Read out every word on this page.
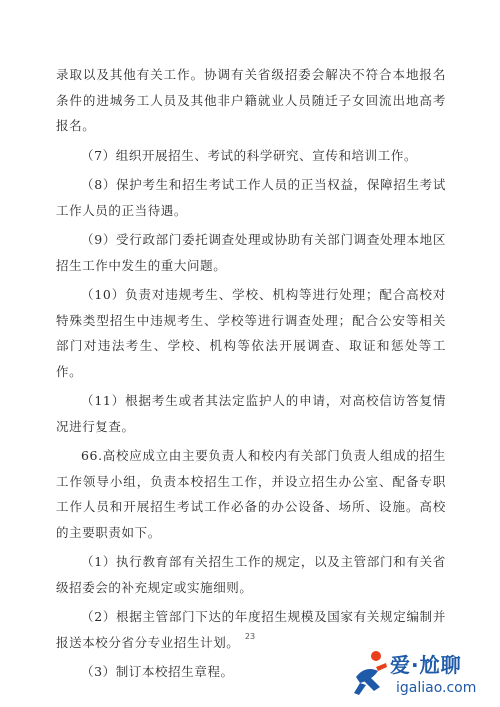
录取以及其他有关工作。协调有关省级招委会解决不符合本地报名条件的进城务工人员及其他非户籍就业人员随迁子女回流出地高考报名。

（7）组织开展招生、考试的科学研究、宣传和培训工作。

（8）保护考生和招生考试工作人员的正当权益，保障招生考试工作人员的正当待遇。

（9）受行政部门委托调查处理或协助有关部门调查处理本地区招生工作中发生的重大问题。

（10）负责对违规考生、学校、机构等进行处理；配合高校对特殊类型招生中违规考生、学校等进行调查处理；配合公安等相关部门对违法考生、学校、机构等依法开展调查、取证和惩处等工作。

（11）根据考生或者其法定监护人的申请，对高校信访答复情况进行复查。

66.高校应成立由主要负责人和校内有关部门负责人组成的招生工作领导小组，负责本校招生工作，并设立招生办公室、配备专职工作人员和开展招生考试工作必备的办公设备、场所、设施。高校的主要职责如下。

（1）执行教育部有关招生工作的规定，以及主管部门和有关省级招委会的补充规定或实施细则。

（2）根据主管部门下达的年度招生规模及国家有关规定编制并报送本校分省分专业招生计划。

（3）制订本校招生章程。

23
爱·尬聊
igaliao.com
